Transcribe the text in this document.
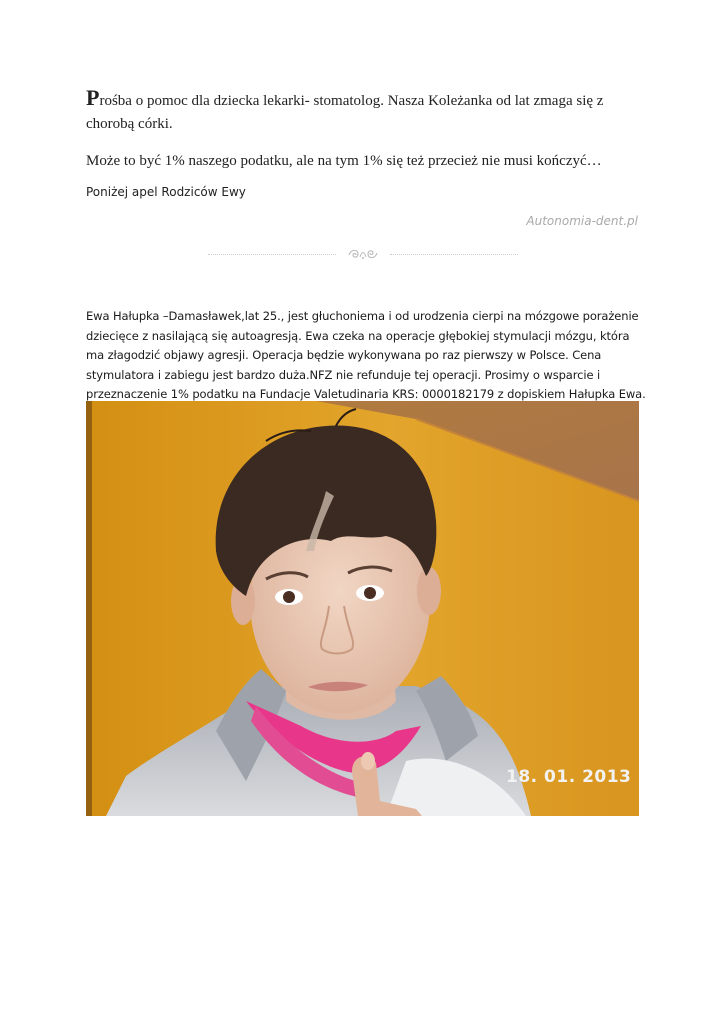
Prośba o pomoc dla dziecka lekarki- stomatolog. Nasza Koleżanka od lat zmaga się z chorobą córki.

Może to być 1% naszego podatku, ale na tym 1% się też przecież nie musi kończyć…

Poniżej apel Rodziców Ewy

Autonomia-dent.pl

Ewa Hałupka –Damasławek,lat 25., jest głuchoniema i od urodzenia cierpi na mózgowe porażenie dziecięce z nasilającą się autoagresją. Ewa czeka na operacje głębokiej stymulacji mózgu, która ma złagodzić objawy agresji. Operacja będzie wykonywana po raz pierwszy w Polsce. Cena stymulatora i zabiegu jest bardzo duża.NFZ nie refunduje tej operacji. Prosimy o wsparcie i przeznaczenie 1% podatku na Fundacje Valetudinaria KRS: 0000182179 z dopiskiem Hałupka Ewa.

18. 01. 2013
